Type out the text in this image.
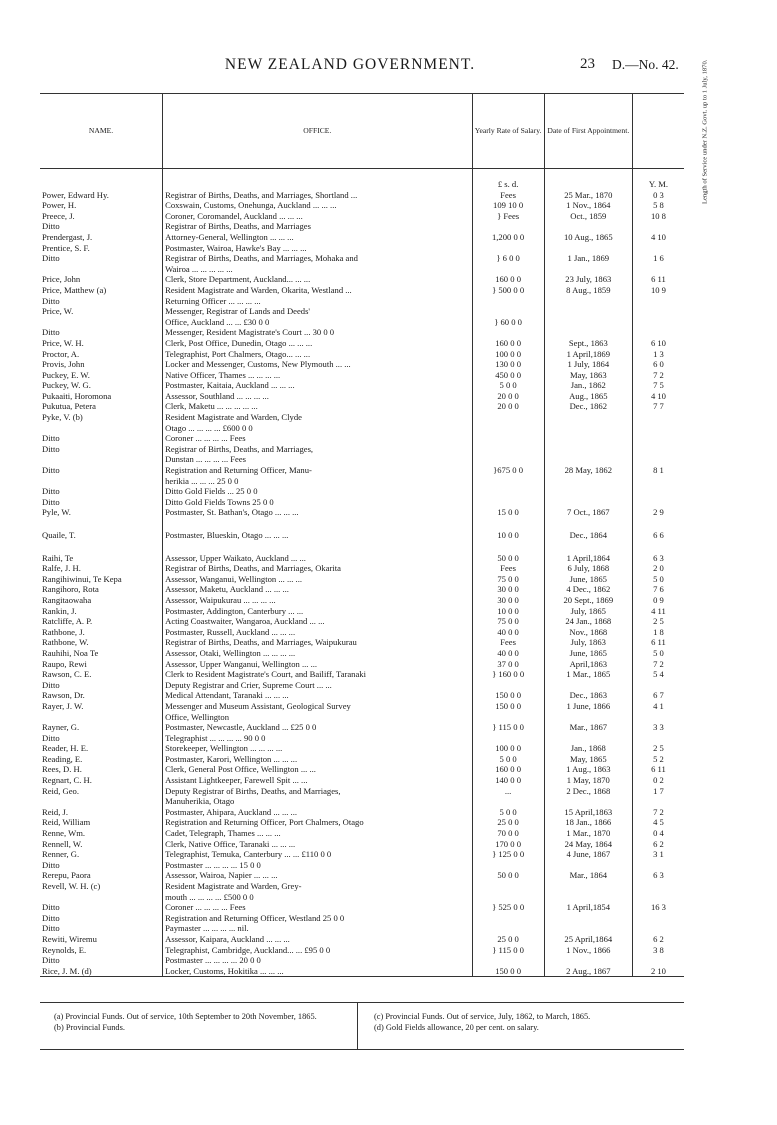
NEW ZEALAND GOVERNMENT.	23 D.—No. 42.
NAME.	OFFICE.	Yearly Rate of Salary.	Date of First Appointment.	Length of Service under N.Z. Govt. up to 1 July, 1870.
		£ s. d.		Y. M.
Power, Edward Hy.	Registrar of Births, Deaths, and Marriages, Shortland ...	Fees	25 Mar., 1870	0 3
Power, H.	Coxswain, Customs, Onehunga, Auckland ... ... ...	109 10 0	1 Nov., 1864	5 8
Preece, J.	Coroner, Coromandel, Auckland ... ... ...	} Fees	Oct., 1859	10 8
Ditto	Registrar of Births, Deaths, and Marriages			
Prendergast, J.	Attorney-General, Wellington ... ... ...	1,200 0 0	10 Aug., 1865	4 10
Prentice, S. F.	Postmaster, Wairoa, Hawke's Bay ... ... ...			
Ditto	Registrar of Births, Deaths, and Marriages, Mohaka and	} 6 0 0	1 Jan., 1869	1 6
	Wairoa ... ... ... ... ...			
Price, John	Clerk, Store Department, Auckland... ... ...	160 0 0	23 July, 1863	6 11
Price, Matthew (a)	Resident Magistrate and Warden, Okarita, Westland ...	} 500 0 0	8 Aug., 1859	10 9
Ditto	Returning Officer ... ... ... ...			
Price, W.	Messenger, Registrar of Lands and Deeds'			
	Office, Auckland ... ... £30 0 0	} 60 0 0		
Ditto	Messenger, Resident Magistrate's Court ... 30 0 0			
Price, W. H.	Clerk, Post Office, Dunedin, Otago ... ... ...	160 0 0	Sept., 1863	6 10
Proctor, A.	Telegraphist, Port Chalmers, Otago... ... ...	100 0 0	1 April,1869	1 3
Provis, John	Locker and Messenger, Customs, New Plymouth ... ...	130 0 0	1 July, 1864	6 0
Puckey, E. W.	Native Officer, Thames ... ... ... ...	450 0 0	May, 1863	7 2
Puckey, W. G.	Postmaster, Kaitaia, Auckland ... ... ...	5 0 0	Jan., 1862	7 5
Pukaaiti, Horomona	Assessor, Southland ... ... ... ...	20 0 0	Aug., 1865	4 10
Pukutua, Petera	Clerk, Maketu ... ... ... ... ...	20 0 0	Dec., 1862	7 7
Pyke, V. (b)	Resident Magistrate and Warden, Clyde			
	Otago ... ... ... ... £600 0 0			
Ditto	Coroner ... ... ... ... Fees			
Ditto	Registrar of Births, Deaths, and Marriages,			
	Dunstan ... ... ... ... Fees			
Ditto	Registration and Returning Officer, Manu-	}675 0 0	28 May, 1862	8 1
	herikia ... ... ... 25 0 0			
Ditto	Ditto Gold Fields ... 25 0 0			
Ditto	Ditto Gold Fields Towns 25 0 0			
Pyle, W.	Postmaster, St. Bathan's, Otago ... ... ...	15 0 0	7 Oct., 1867	2 9

Quaile, T.	Postmaster, Blueskin, Otago ... ... ...	10 0 0	Dec., 1864	6 6

Raihi, Te	Assessor, Upper Waikato, Auckland ... ...	50 0 0	1 April,1864	6 3
Ralfe, J. H.	Registrar of Births, Deaths, and Marriages, Okarita	Fees	6 July, 1868	2 0
Rangihiwinui, Te Kepa	Assessor, Wanganui, Wellington ... ... ...	75 0 0	June, 1865	5 0
Rangihoro, Rota	Assessor, Maketu, Auckland ... ... ...	30 0 0	4 Dec., 1862	7 6
Rangitaowaha	Assessor, Waipukurau ... ... ... ...	30 0 0	20 Sept., 1869	0 9
Rankin, J.	Postmaster, Addington, Canterbury ... ...	10 0 0	July, 1865	4 11
Ratcliffe, A. P.	Acting Coastwaiter, Wangaroa, Auckland ... ...	75 0 0	24 Jan., 1868	2 5
Rathbone, J.	Postmaster, Russell, Auckland ... ... ...	40 0 0	Nov., 1868	1 8
Rathbone, W.	Registrar of Births, Deaths, and Marriages, Waipukurau	Fees	July, 1863	6 11
Rauhihi, Noa Te	Assessor, Otaki, Wellington ... ... ... ...	40 0 0	June, 1865	5 0
Raupo, Rewi	Assessor, Upper Wanganui, Wellington ... ...	37 0 0	April,1863	7 2
Rawson, C. E.	Clerk to Resident Magistrate's Court, and Bailiff, Taranaki	} 160 0 0	1 Mar., 1865	5 4
Ditto	Deputy Registrar and Crier, Supreme Court ... ...			
Rawson, Dr.	Medical Attendant, Taranaki ... ... ...	150 0 0	Dec., 1863	6 7
Rayer, J. W.	Messenger and Museum Assistant, Geological Survey	150 0 0	1 June, 1866	4 1
	Office, Wellington			
Rayner, G.	Postmaster, Newcastle, Auckland ... £25 0 0	} 115 0 0	Mar., 1867	3 3
Ditto	Telegraphist ... ... ... ... 90 0 0			
Reader, H. E.	Storekeeper, Wellington ... ... ... ...	100 0 0	Jan., 1868	2 5
Reading, E.	Postmaster, Karori, Wellington ... ... ...	5 0 0	May, 1865	5 2
Rees, D. H.	Clerk, General Post Office, Wellington ... ...	160 0 0	1 Aug., 1863	6 11
Regnart, C. H.	Assistant Lightkeeper, Farewell Spit ... ...	140 0 0	1 May, 1870	0 2
Reid, Geo.	Deputy Registrar of Births, Deaths, and Marriages,	...	2 Dec., 1868	1 7
	Manuherikia, Otago			
Reid, J.	Postmaster, Ahipara, Auckland ... ... ...	5 0 0	15 April,1863	7 2
Reid, William	Registration and Returning Officer, Port Chalmers, Otago	25 0 0	18 Jan., 1866	4 5
Renne, Wm.	Cadet, Telegraph, Thames ... ... ...	70 0 0	1 Mar., 1870	0 4
Rennell, W.	Clerk, Native Office, Taranaki ... ... ...	170 0 0	24 May, 1864	6 2
Renner, G.	Telegraphist, Temuka, Canterbury ... ... £110 0 0	} 125 0 0	4 June, 1867	3 1
Ditto	Postmaster ... ... ... ... 15 0 0			
Rerepu, Paora	Assessor, Wairoa, Napier ... ... ...	50 0 0	Mar., 1864	6 3
Revell, W. H. (c)	Resident Magistrate and Warden, Grey-			
	mouth ... ... ... ... £500 0 0			
Ditto	Coroner ... ... ... ... Fees	} 525 0 0	1 April,1854	16 3
Ditto	Registration and Returning Officer, Westland 25 0 0			
Ditto	Paymaster ... ... ... ... nil.			
Rewiti, Wiremu	Assessor, Kaipara, Auckland ... ... ...	25 0 0	25 April,1864	6 2
Reynolds, E.	Telegraphist, Cambridge, Auckland... ... £95 0 0	} 115 0 0	1 Nov., 1866	3 8
Ditto	Postmaster ... ... ... ... 20 0 0			
Rice, J. M. (d)	Locker, Customs, Hokitika ... ... ...	150 0 0	2 Aug., 1867	2 10
(a) Provincial Funds. Out of service, 10th September to 20th November, 1865.
(b) Provincial Funds.
(c) Provincial Funds. Out of service, July, 1862, to March, 1865.
(d) Gold Fields allowance, 20 per cent. on salary.
